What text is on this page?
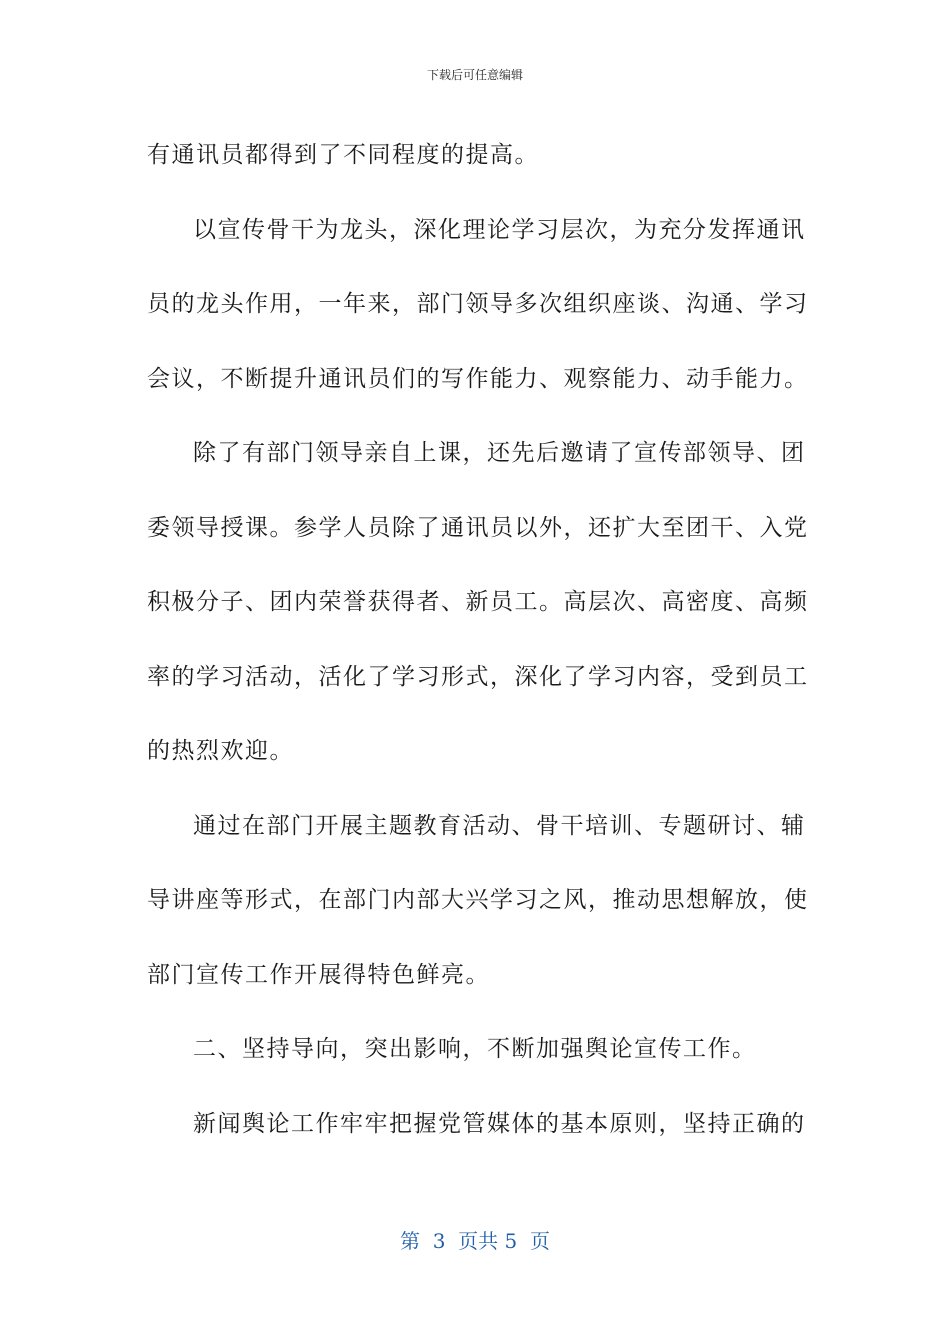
下载后可任意编辑
有通讯员都得到了不同程度的提高。
以宣传骨干为龙头，深化理论学习层次，为充分发挥通讯
员的龙头作用，一年来，部门领导多次组织座谈、沟通、学习
会议，不断提升通讯员们的写作能力、观察能力、动手能力。
除了有部门领导亲自上课，还先后邀请了宣传部领导、团
委领导授课。参学人员除了通讯员以外，还扩大至团干、入党
积极分子、团内荣誉获得者、新员工。高层次、高密度、高频
率的学习活动，活化了学习形式，深化了学习内容，受到员工
的热烈欢迎。
通过在部门开展主题教育活动、骨干培训、专题研讨、辅
导讲座等形式，在部门内部大兴学习之风，推动思想解放，使
部门宣传工作开展得特色鲜亮。
二、坚持导向，突出影响，不断加强舆论宣传工作。
新闻舆论工作牢牢把握党管媒体的基本原则，坚持正确的
第  3  页共 5  页
